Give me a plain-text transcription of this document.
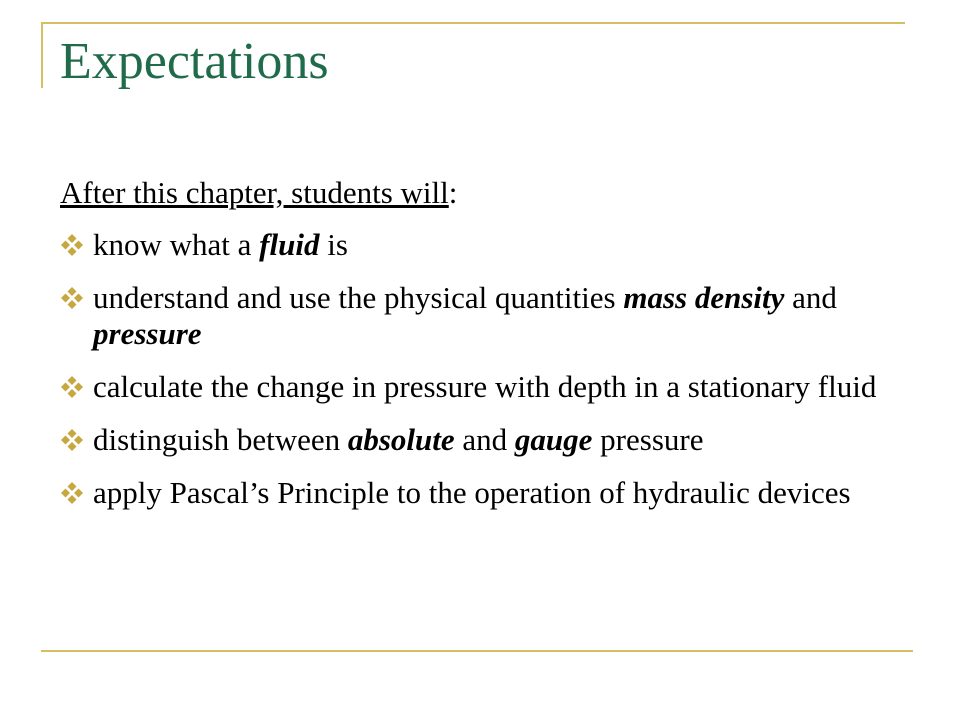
Expectations

After this chapter, students will:

know what a fluid is
understand and use the physical quantities mass density and pressure
calculate the change in pressure with depth in a stationary fluid
distinguish between absolute and gauge pressure
apply Pascal’s Principle to the operation of hydraulic devices
